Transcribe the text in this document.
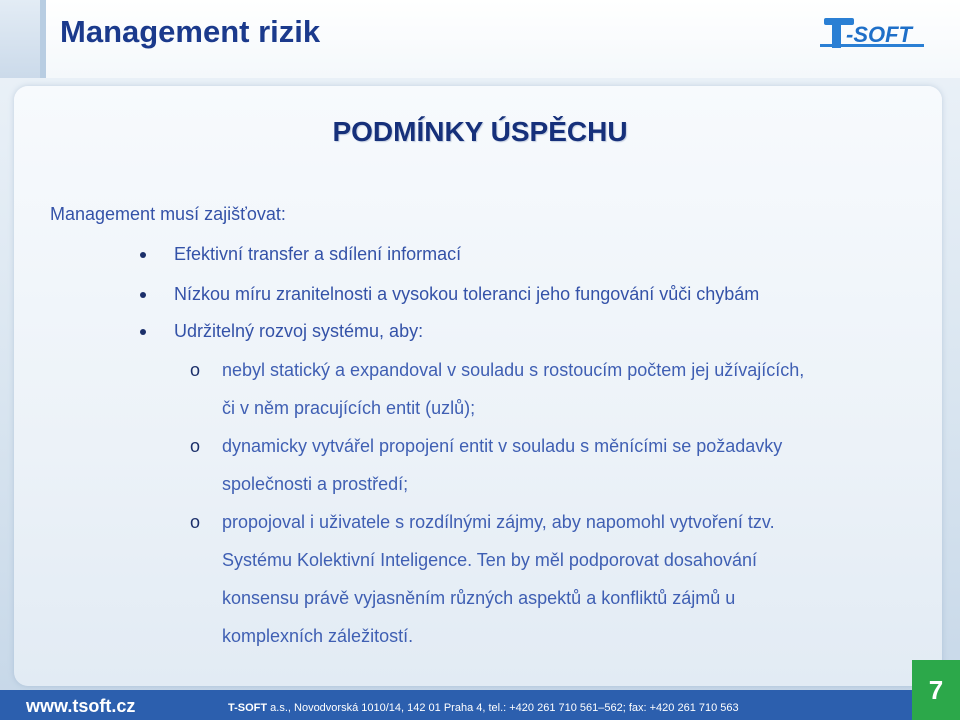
Management rizik	-SOFT
PODMÍNKY ÚSPĚCHU
Management musí zajišťovat:
Efektivní transfer a sdílení informací
Nízkou míru zranitelnosti a vysokou toleranci jeho fungování vůči chybám
Udržitelný rozvoj systému, aby:
o nebyl statický a expandoval v souladu s rostoucím počtem jej užívajících,
či v něm pracujících entit (uzlů);
o dynamicky vytvářel propojení entit v souladu s měnícími se požadavky
společnosti a prostředí;
o propojoval i uživatele s rozdílnými zájmy, aby napomohl vytvoření tzv.
Systému Kolektivní Inteligence. Ten by měl podporovat dosahování
konsensu právě vyjasněním různých aspektů a konfliktů zájmů u
komplexních záležitostí.
www.tsoft.cz	T-SOFT a.s., Novodvorská 1010/14, 142 01 Praha 4, tel.: +420 261 710 561–562; fax: +420 261 710 563
7
